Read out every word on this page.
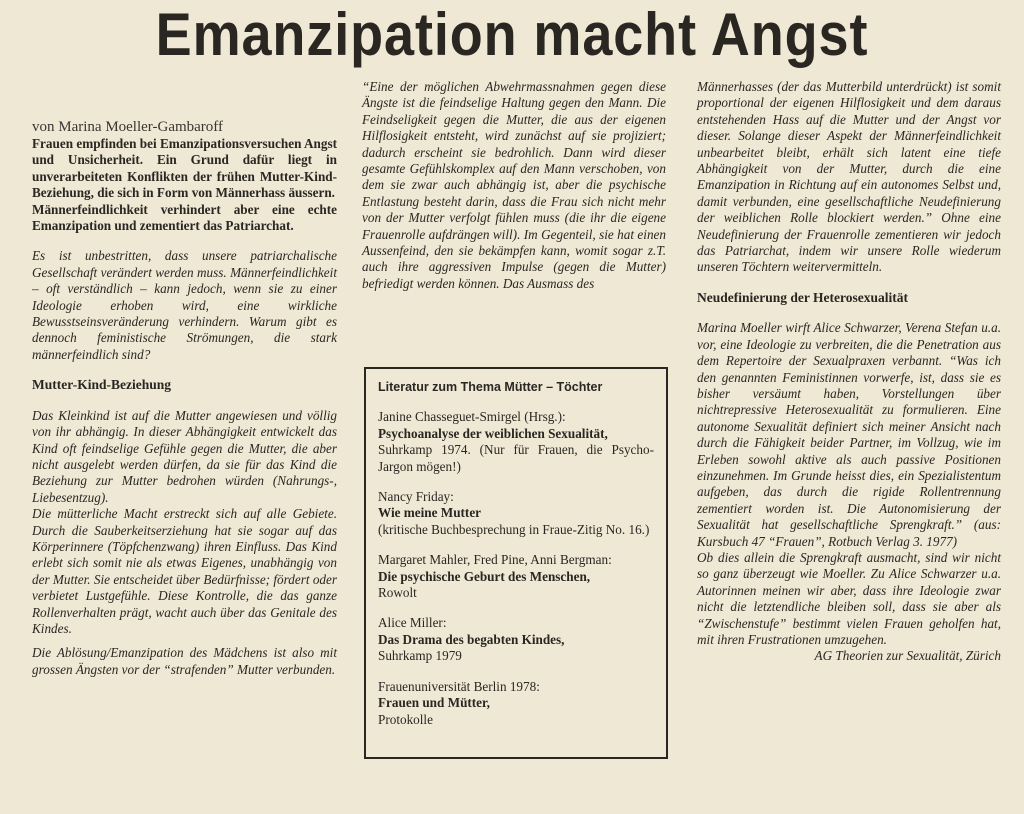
Emanzipation macht Angst

von Marina Moeller-Gambaroff

Frauen empfinden bei Emanzipationsversuchen Angst und Unsicherheit. Ein Grund dafür liegt in unverarbeiteten Konflikten der frühen Mutter-Kind-Beziehung, die sich in Form von Männerhass äussern.

Männerfeindlichkeit verhindert aber eine echte Emanzipation und zementiert das Patriarchat.

Es ist unbestritten, dass unsere patriarchalische Gesellschaft verändert werden muss. Männerfeindlichkeit – oft verständlich – kann jedoch, wenn sie zu einer Ideologie erhoben wird, eine wirkliche Bewusstseinsveränderung verhindern. Warum gibt es dennoch feministische Strömungen, die stark männerfeindlich sind?

Mutter-Kind-Beziehung

Das Kleinkind ist auf die Mutter angewiesen und völlig von ihr abhängig. In dieser Abhängigkeit entwickelt das Kind oft feindselige Gefühle gegen die Mutter, die aber nicht ausgelebt werden dürfen, da sie für das Kind die Beziehung zur Mutter bedrohen würden (Nahrungs-, Liebesentzug).

Die mütterliche Macht erstreckt sich auf alle Gebiete. Durch die Sauberkeitserziehung hat sie sogar auf das Körperinnere (Töpfchenzwang) ihren Einfluss. Das Kind erlebt sich somit nie als etwas Eigenes, unabhängig von der Mutter. Sie entscheidet über Bedürfnisse; fördert oder verbietet Lustgefühle. Diese Kontrolle, die das ganze Rollenverhalten prägt, wacht auch über das Genitale des Kindes.

Die Ablösung/Emanzipation des Mädchens ist also mit grossen Ängsten vor der “strafenden” Mutter verbunden.

“Eine der möglichen Abwehrmassnahmen gegen diese Ängste ist die feindselige Haltung gegen den Mann. Die Feindseligkeit gegen die Mutter, die aus der eigenen Hilflosigkeit entsteht, wird zunächst auf sie projiziert; dadurch erscheint sie bedrohlich. Dann wird dieser gesamte Gefühlskomplex auf den Mann verschoben, von dem sie zwar auch abhängig ist, aber die psychische Entlastung besteht darin, dass die Frau sich nicht mehr von der Mutter verfolgt fühlen muss (die ihr die eigene Frauenrolle aufdrängen will). Im Gegenteil, sie hat einen Aussenfeind, den sie bekämpfen kann, womit sogar z.T. auch ihre aggressiven Impulse (gegen die Mutter) befriedigt werden können. Das Ausmass des

Literatur zum Thema Mütter – Töchter

Janine Chasseguet-Smirgel (Hrsg.):
Psychoanalyse der weiblichen Sexualität,
Suhrkamp 1974. (Nur für Frauen, die Psycho-Jargon mögen!)
Nancy Friday:
Wie meine Mutter
(kritische Buchbesprechung in Fraue-Zitig No. 16.)
Margaret Mahler, Fred Pine, Anni Bergman:
Die psychische Geburt des Menschen,
Rowolt
Alice Miller:
Das Drama des begabten Kindes,
Suhrkamp 1979
Frauenuniversität Berlin 1978:
Frauen und Mütter,
Protokolle

Männerhasses (der das Mutterbild unterdrückt) ist somit proportional der eigenen Hilflosigkeit und dem daraus entstehenden Hass auf die Mutter und der Angst vor dieser. Solange dieser Aspekt der Männerfeindlichkeit unbearbeitet bleibt, erhält sich latent eine tiefe Abhängigkeit von der Mutter, durch die eine Emanzipation in Richtung auf ein autonomes Selbst und, damit verbunden, eine gesellschaftliche Neudefinierung der weiblichen Rolle blockiert werden.” Ohne eine Neudefinierung der Frauenrolle zementieren wir jedoch das Patriarchat, indem wir unsere Rolle wiederum unseren Töchtern weitervermitteln.

Neudefinierung der Heterosexualität

Marina Moeller wirft Alice Schwarzer, Verena Stefan u.a. vor, eine Ideologie zu verbreiten, die die Penetration aus dem Repertoire der Sexualpraxen verbannt. “Was ich den genannten Feministinnen vorwerfe, ist, dass sie es bisher versäumt haben, Vorstellungen über nichtrepressive Heterosexualität zu formulieren. Eine autonome Sexualität definiert sich meiner Ansicht nach durch die Fähigkeit beider Partner, im Vollzug, wie im Erleben sowohl aktive als auch passive Positionen einzunehmen. Im Grunde heisst dies, ein Spezialistentum aufgeben, das durch die rigide Rollentrennung zementiert worden ist. Die Autonomisierung der Sexualität hat gesellschaftliche Sprengkraft.” (aus: Kursbuch 47 “Frauen”, Rotbuch Verlag 3. 1977)

Ob dies allein die Sprengkraft ausmacht, sind wir nicht so ganz überzeugt wie Moeller. Zu Alice Schwarzer u.a. Autorinnen meinen wir aber, dass ihre Ideologie zwar nicht die letztendliche bleiben soll, dass sie aber als “Zwischenstufe” bestimmt vielen Frauen geholfen hat, mit ihren Frustrationen umzugehen.

AG Theorien zur Sexualität, Zürich
